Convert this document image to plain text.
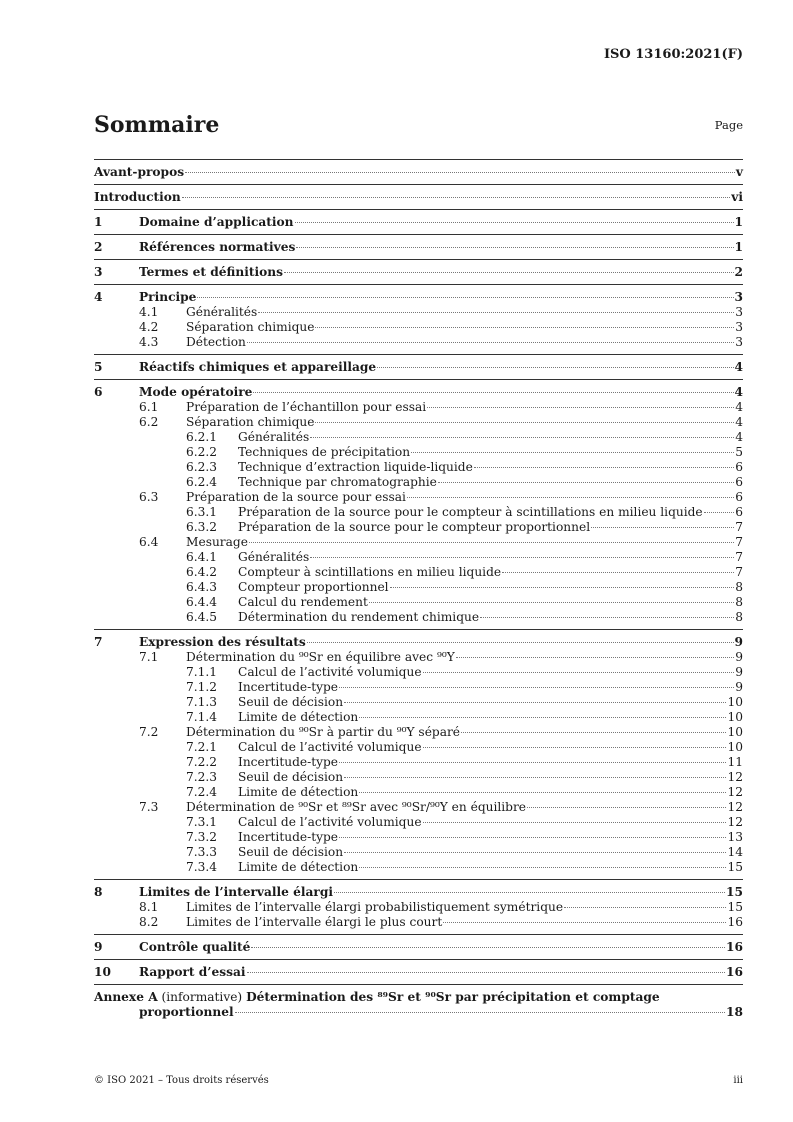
ISO 13160:2021(F)
Sommaire	Page
Avant-propos	v
Introduction	vi
1	Domaine d’application	1
2	Références normatives	1
3	Termes et définitions	2
4	Principe	3
4.1 Généralités	3
4.2 Séparation chimique	3
4.3 Détection	3
5	Réactifs chimiques et appareillage	4
6	Mode opératoire	4
6.1 Préparation de l’échantillon pour essai	4
6.2 Séparation chimique	4
6.2.1 Généralités	4
6.2.2 Techniques de précipitation	5
6.2.3 Technique d’extraction liquide-liquide	6
6.2.4 Technique par chromatographie	6
6.3 Préparation de la source pour essai	6
6.3.1 Préparation de la source pour le compteur à scintillations en milieu liquide	6
6.3.2 Préparation de la source pour le compteur proportionnel	7
6.4 Mesurage	7
6.4.1 Généralités	7
6.4.2 Compteur à scintillations en milieu liquide	7
6.4.3 Compteur proportionnel	8
6.4.4 Calcul du rendement	8
6.4.5 Détermination du rendement chimique	8
7	Expression des résultats	9
7.1 Détermination du ⁹⁰Sr en équilibre avec ⁹⁰Y	9
7.1.1 Calcul de l’activité volumique	9
7.1.2 Incertitude-type	9
7.1.3 Seuil de décision	10
7.1.4 Limite de détection	10
7.2 Détermination du ⁹⁰Sr à partir du ⁹⁰Y séparé	10
7.2.1 Calcul de l’activité volumique	10
7.2.2 Incertitude-type	11
7.2.3 Seuil de décision	12
7.2.4 Limite de détection	12
7.3 Détermination de ⁹⁰Sr et ⁸⁹Sr avec ⁹⁰Sr/⁹⁰Y en équilibre	12
7.3.1 Calcul de l’activité volumique	12
7.3.2 Incertitude-type	13
7.3.3 Seuil de décision	14
7.3.4 Limite de détection	15
8	Limites de l’intervalle élargi	15
8.1 Limites de l’intervalle élargi probabilistiquement symétrique	15
8.2 Limites de l’intervalle élargi le plus court	16
9	Contrôle qualité	16
10 Rapport d’essai	16
Annexe A (informative) Détermination des ⁸⁹Sr et ⁹⁰Sr par précipitation et comptage
proportionnel	18
© ISO 2021 – Tous droits réservés	iii
